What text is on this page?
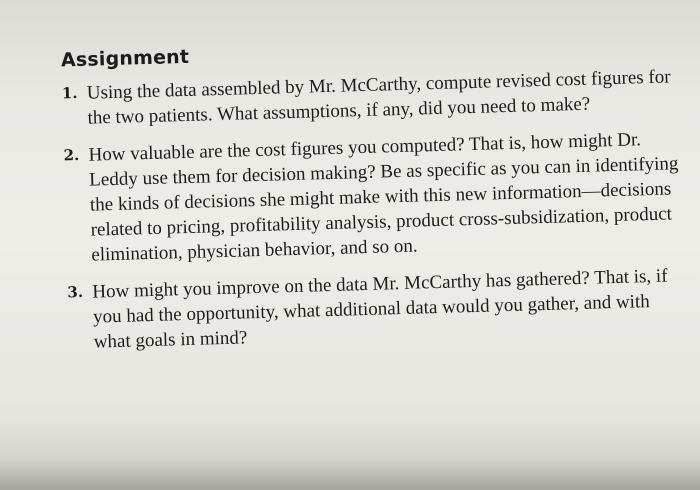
Assignment
1. Using the data assembled by Mr. McCarthy, compute revised cost figures for the two patients. What assumptions, if any, did you need to make?
2. How valuable are the cost figures you computed? That is, how might Dr. Leddy use them for decision making? Be as specific as you can in identifying the kinds of decisions she might make with this new information—decisions related to pricing, profitability analysis, product cross-subsidization, product elimination, physician behavior, and so on.
3. How might you improve on the data Mr. McCarthy has gathered? That is, if you had the opportunity, what additional data would you gather, and with what goals in mind?
